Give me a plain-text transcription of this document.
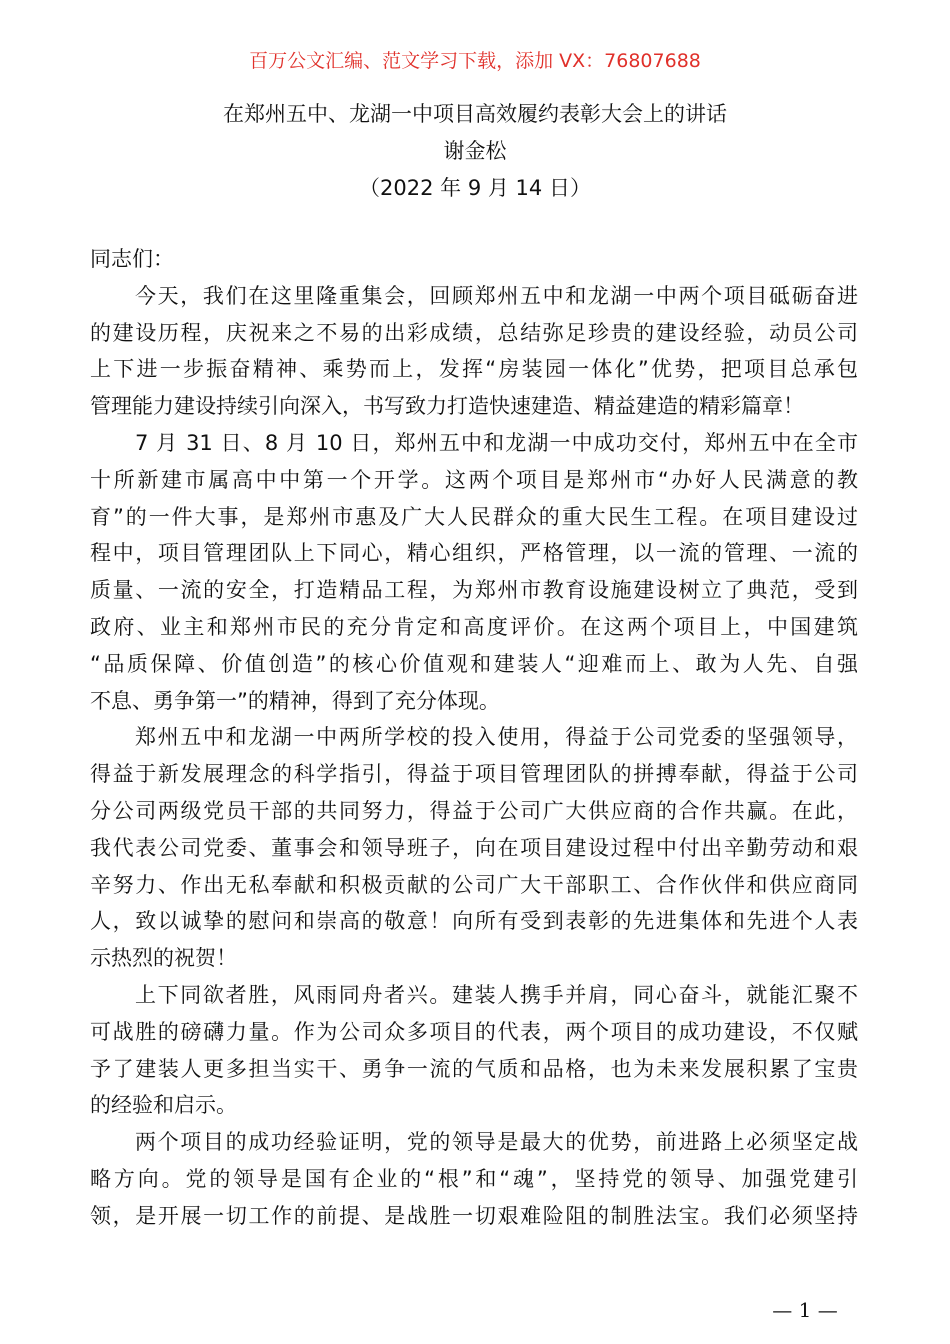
百万公文汇编、范文学习下载，添加 VX：76807688
在郑州五中、龙湖一中项目高效履约表彰大会上的讲话
谢金松
（2022 年 9 月 14 日）
同志们：
今天，我们在这里隆重集会，回顾郑州五中和龙湖一中两个项目砥砺奋进
的建设历程，庆祝来之不易的出彩成绩，总结弥足珍贵的建设经验，动员公司
上下进一步振奋精神、乘势而上，发挥“房装园一体化”优势，把项目总承包
管理能力建设持续引向深入，书写致力打造快速建造、精益建造的精彩篇章！
7 月 31 日、8 月 10 日，郑州五中和龙湖一中成功交付，郑州五中在全市
十所新建市属高中中第一个开学。这两个项目是郑州市“办好人民满意的教
育”的一件大事，是郑州市惠及广大人民群众的重大民生工程。在项目建设过
程中，项目管理团队上下同心，精心组织，严格管理，以一流的管理、一流的
质量、一流的安全，打造精品工程，为郑州市教育设施建设树立了典范，受到
政府、业主和郑州市民的充分肯定和高度评价。在这两个项目上，中国建筑
“品质保障、价值创造”的核心价值观和建装人“迎难而上、敢为人先、自强
不息、勇争第一”的精神，得到了充分体现。
郑州五中和龙湖一中两所学校的投入使用，得益于公司党委的坚强领导，
得益于新发展理念的科学指引，得益于项目管理团队的拼搏奉献，得益于公司
分公司两级党员干部的共同努力，得益于公司广大供应商的合作共赢。在此，
我代表公司党委、董事会和领导班子，向在项目建设过程中付出辛勤劳动和艰
辛努力、作出无私奉献和积极贡献的公司广大干部职工、合作伙伴和供应商同
人，致以诚挚的慰问和崇高的敬意！向所有受到表彰的先进集体和先进个人表
示热烈的祝贺！
上下同欲者胜，风雨同舟者兴。建装人携手并肩，同心奋斗，就能汇聚不
可战胜的磅礴力量。作为公司众多项目的代表，两个项目的成功建设，不仅赋
予了建装人更多担当实干、勇争一流的气质和品格，也为未来发展积累了宝贵
的经验和启示。
两个项目的成功经验证明，党的领导是最大的优势，前进路上必须坚定战
略方向。党的领导是国有企业的“根”和“魂”，坚持党的领导、加强党建引
领，是开展一切工作的前提、是战胜一切艰难险阻的制胜法宝。我们必须坚持
— 1 —
